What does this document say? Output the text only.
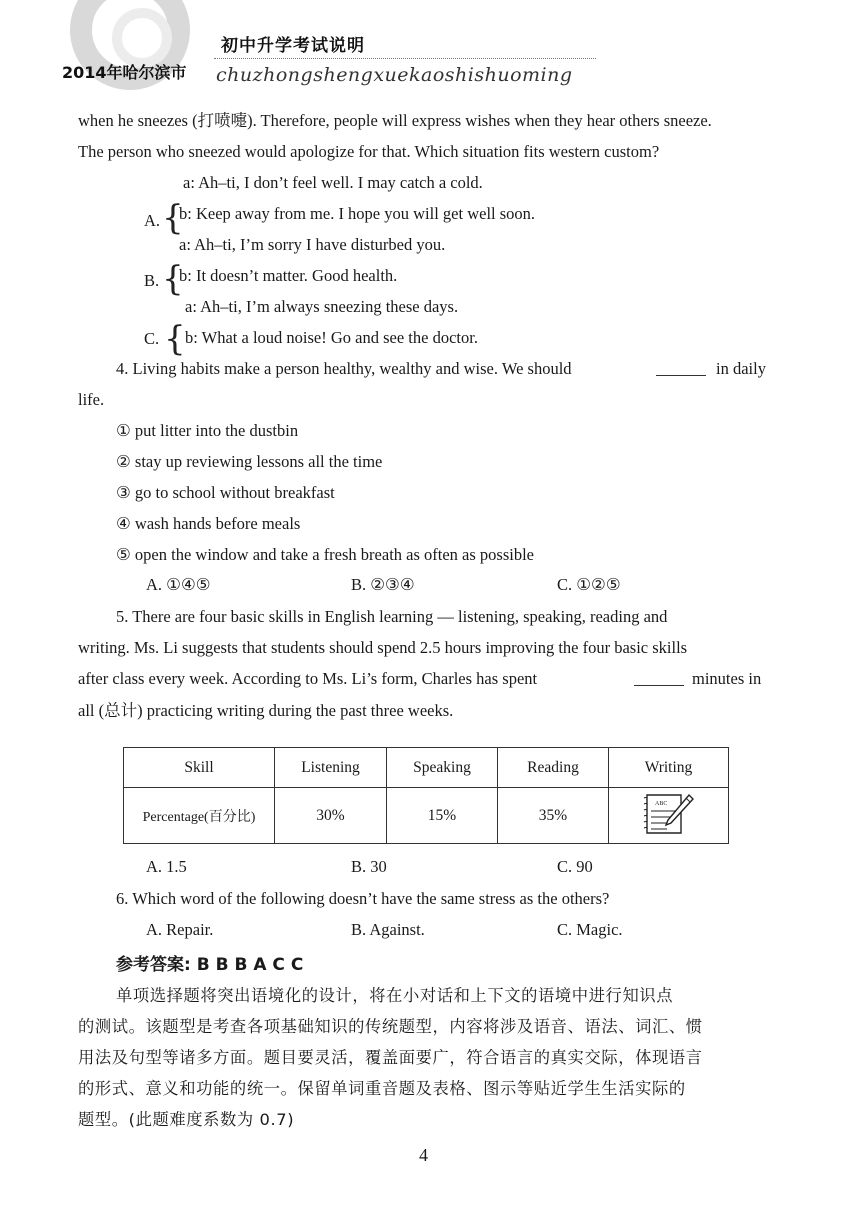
初中升学考试说明
2014年哈尔滨市 chuzhongshengxuekaoshishuoming
when he sneezes (打喷嚏). Therefore, people will express wishes when they hear others sneeze.
The person who sneezed would apologize for that. Which situation fits western custom?
a: Ah–ti, I don’t feel well. I may catch a cold.
A. {
b: Keep away from me. I hope you will get well soon.
a: Ah–ti, I’m sorry I have disturbed you.
B. {
b: It doesn’t matter. Good health.
a: Ah–ti, I’m always sneezing these days.
C. { b: What a loud noise! Go and see the doctor.
4. Living habits make a person healthy, wealthy and wise. We should	in daily
life.
① put litter into the dustbin
② stay up reviewing lessons all the time
③ go to school without breakfast
④ wash hands before meals
⑤ open the window and take a fresh breath as often as possible
A. ①④⑤	B. ②③④	C. ①②⑤
5. There are four basic skills in English learning — listening, speaking, reading and
writing. Ms. Li suggests that students should spend 2.5 hours improving the four basic skills
after class every week. According to Ms. Li’s form, Charles has spent	minutes in
all (总计) practicing writing during the past three weeks.
Skill	Listening	Speaking	Reading	Writing
Percentage(百分比)	30%	15%	35%	ABC
A. 1.5	B. 30	C. 90
6. Which word of the following doesn’t have the same stress as the others?
A. Repair.	B. Against.	C. Magic.
参考答案: B B B A C C
单项选择题将突出语境化的设计，将在小对话和上下文的语境中进行知识点
的测试。该题型是考查各项基础知识的传统题型，内容将涉及语音、语法、词汇、惯
用法及句型等诸多方面。题目要灵活，覆盖面要广，符合语言的真实交际，体现语言
的形式、意义和功能的统一。保留单词重音题及表格、图示等贴近学生生活实际的
题型。(此题难度系数为 0.7)
4
